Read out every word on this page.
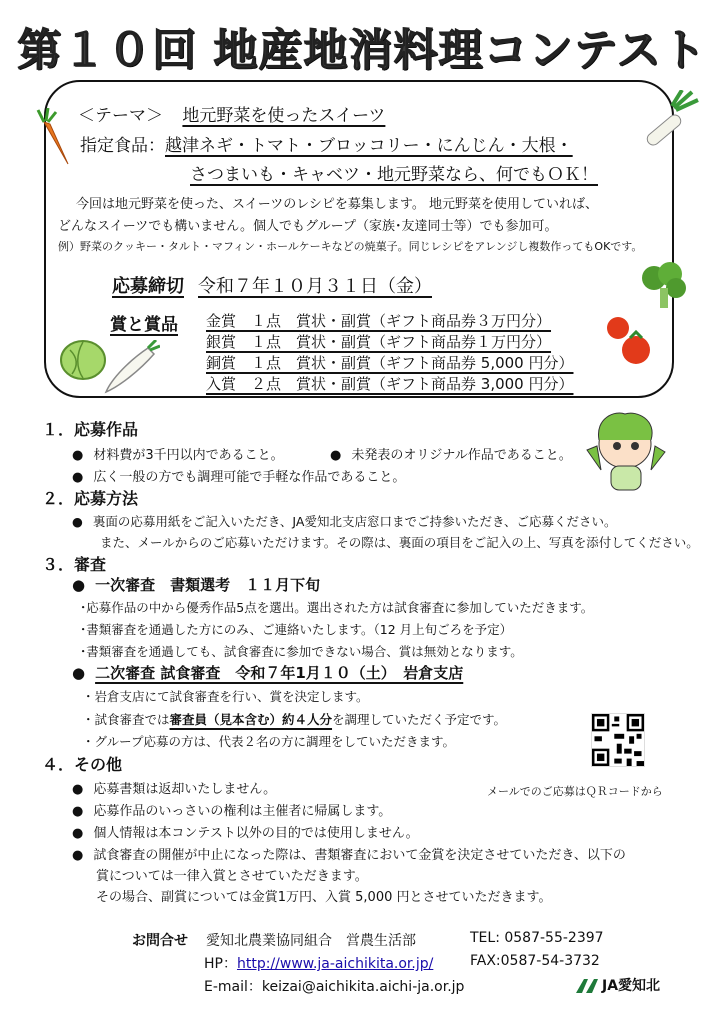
第１０回 地産地消料理コンテスト
＜テーマ＞ 地元野菜を使ったスイーツ
指定食品：越津ネギ・トマト・ブロッコリー・にんじん・大根・
さつまいも・キャベツ・地元野菜なら、何でもＯＫ！
今回は地元野菜を使った、スイーツのレシピを募集します。 地元野菜を使用していれば、
どんなスイーツでも構いません。個人でもグループ（家族･友達同士等）でも参加可。
例）野菜のクッキー・タルト・マフィン・ホールケーキなどの焼菓子。同じレシピをアレンジし複数作ってもOKです。
応募締切 令和７年１０月３１日（金）
賞と賞品 金賞　１点　賞状・副賞（ギフト商品券３万円分）
銀賞　１点　賞状・副賞（ギフト商品券１万円分）
銅賞　１点　賞状・副賞（ギフト商品券 5,000 円分）
入賞　２点　賞状・副賞（ギフト商品券 3,000 円分）
１．応募作品
● 材料費が3千円以内であること。
●	未発表のオリジナル作品であること。
● 広く一般の方でも調理可能で手軽な作品であること。
２．応募方法
● 裏面の応募用紙をご記入いただき、JA愛知北支店窓口までご持参いただき、ご応募ください。
また、メールからのご応募いただけます。その際は、裏面の項目をご記入の上、写真を添付してください。
３．審査
● 一次審査　書類選考　１１月下旬
･応募作品の中から優秀作品5点を選出。選出された方は試食審査に参加していただきます。
･書類審査を通過した方にのみ、ご連絡いたします。（12 月上旬ごろを予定）
･書類審査を通過しても、試食審査に参加できない場合、賞は無効となります。
● 二次審査 試食審査　令和７年1月１０（土）　岩倉支店
・岩倉支店にて試食審査を行い、賞を決定します。
・試食審査では審査員（見本含む）約４人分を調理していただく予定です。
・グループ応募の方は、代表２名の方に調理をしていただきます。
メールでのご応募はＱＲコードから
４．その他
● 応募書類は返却いたしません。
● 応募作品のいっさいの権利は主催者に帰属します。
● 個人情報は本コンテスト以外の目的では使用しません。
● 試食審査の開催が中止になった際は、書類審査において金賞を決定させていただき、以下の
賞については一律入賞とさせていただきます。
その場合、副賞については金賞1万円、入賞 5,000 円とさせていただきます。
お問合せ 愛知北農業協同組合　営農生活部	TEL: 0587-55-2397
HP：http://www.ja-aichikita.or.jp/	FAX:0587-54-3732
E-mail：keizai@aichikita.aichi-ja.or.jp	JA愛知北
